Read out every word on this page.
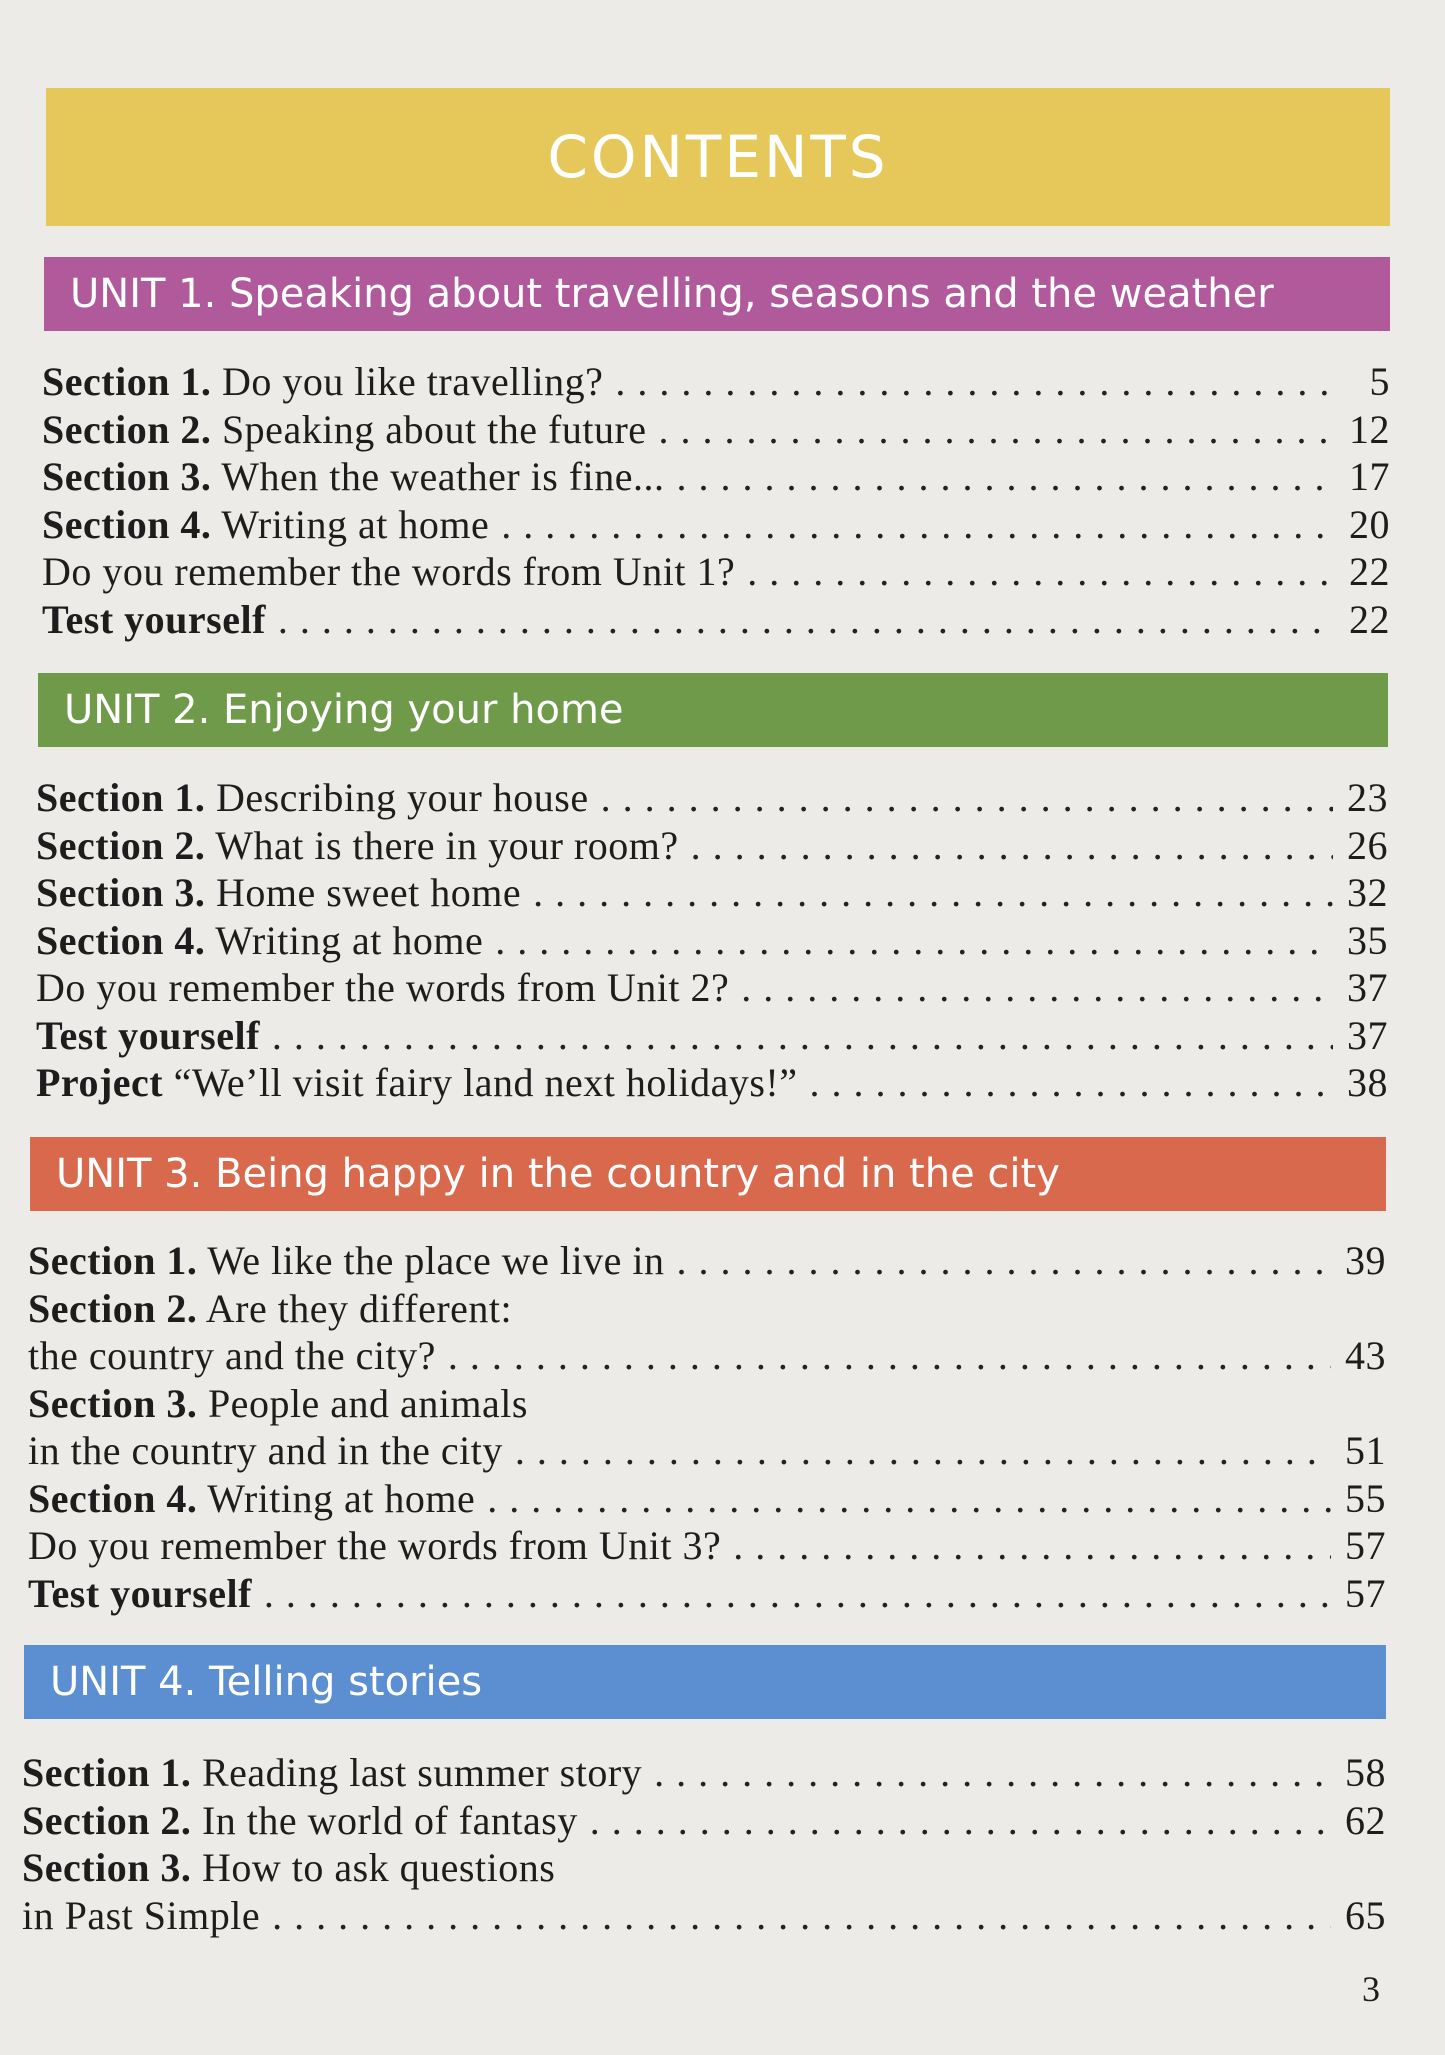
CONTENTS
UNIT 1. Speaking about travelling, seasons and the weather
Section 1. Do you like travelling? . . .	5
Section 2. Speaking about the future . . .	12
Section 3. When the weather is fine... . . .	17
Section 4. Writing at home . . .	20
Do you remember the words from Unit 1? . . .	22
Test yourself . . .	22
UNIT 2. Enjoying your home
Section 1. Describing your house . . .	23
Section 2. What is there in your room? . . .	26
Section 3. Home sweet home . . .	32
Section 4. Writing at home . . .	35
Do you remember the words from Unit 2? . . .	37
Test yourself . . .	37
Project “We’ll visit fairy land next holidays!” . . .	38
UNIT 3. Being happy in the country and in the city
Section 1. We like the place we live in . . .	39
Section 2. Are they different:
the country and the city? . . .	43
Section 3. People and animals
in the country and in the city . . .	51
Section 4. Writing at home . . .	55
Do you remember the words from Unit 3? . . .	57
Test yourself . . .	57
UNIT 4. Telling stories
Section 1. Reading last summer story . . .	58
Section 2. In the world of fantasy . . .	62
Section 3. How to ask questions
in Past Simple . . .	65
3
